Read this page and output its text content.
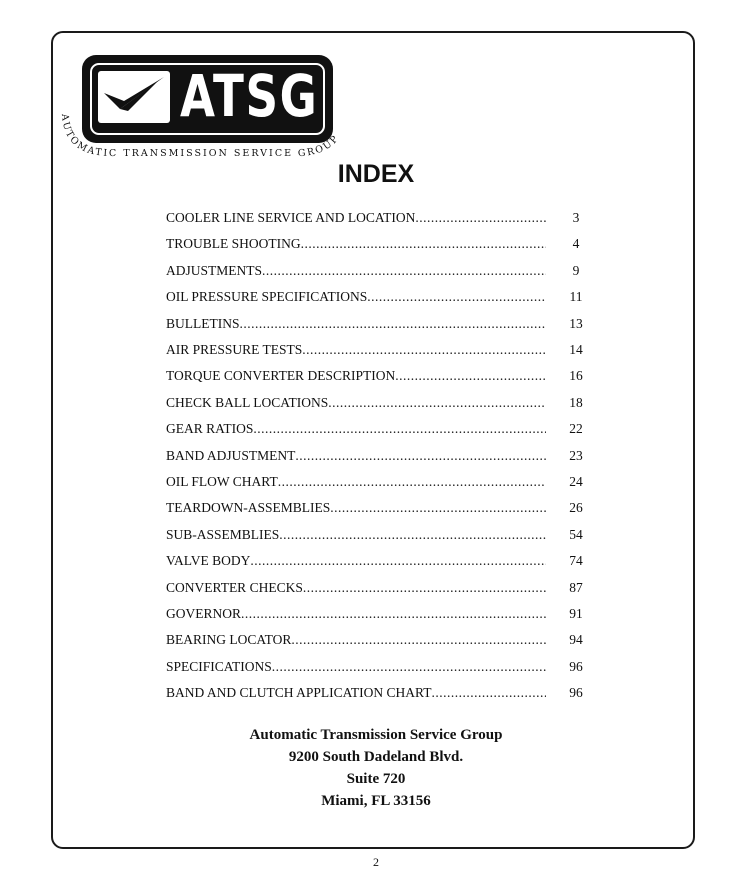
ATSG
AUTOMATIC TRANSMISSION SERVICE GROUP
INDEX
COOLER LINE SERVICE AND LOCATION .....	3
TROUBLE SHOOTING .....	4
ADJUSTMENTS .....	9
OIL PRESSURE SPECIFICATIONS .....	11
BULLETINS .....	13
AIR PRESSURE TESTS .....	14
TORQUE CONVERTER DESCRIPTION .....	16
CHECK BALL LOCATIONS .....	18
GEAR RATIOS .....	22
BAND ADJUSTMENT .....	23
OIL FLOW CHART .....	24
TEARDOWN-ASSEMBLIES .....	26
SUB-ASSEMBLIES .....	54
VALVE BODY .....	74
CONVERTER CHECKS .....	87
GOVERNOR .....	91
BEARING LOCATOR .....	94
SPECIFICATIONS .....	96
BAND AND CLUTCH APPLICATION CHART .....	96
Automatic Transmission Service Group
9200 South Dadeland Blvd.
Suite 720
Miami, FL 33156
2
